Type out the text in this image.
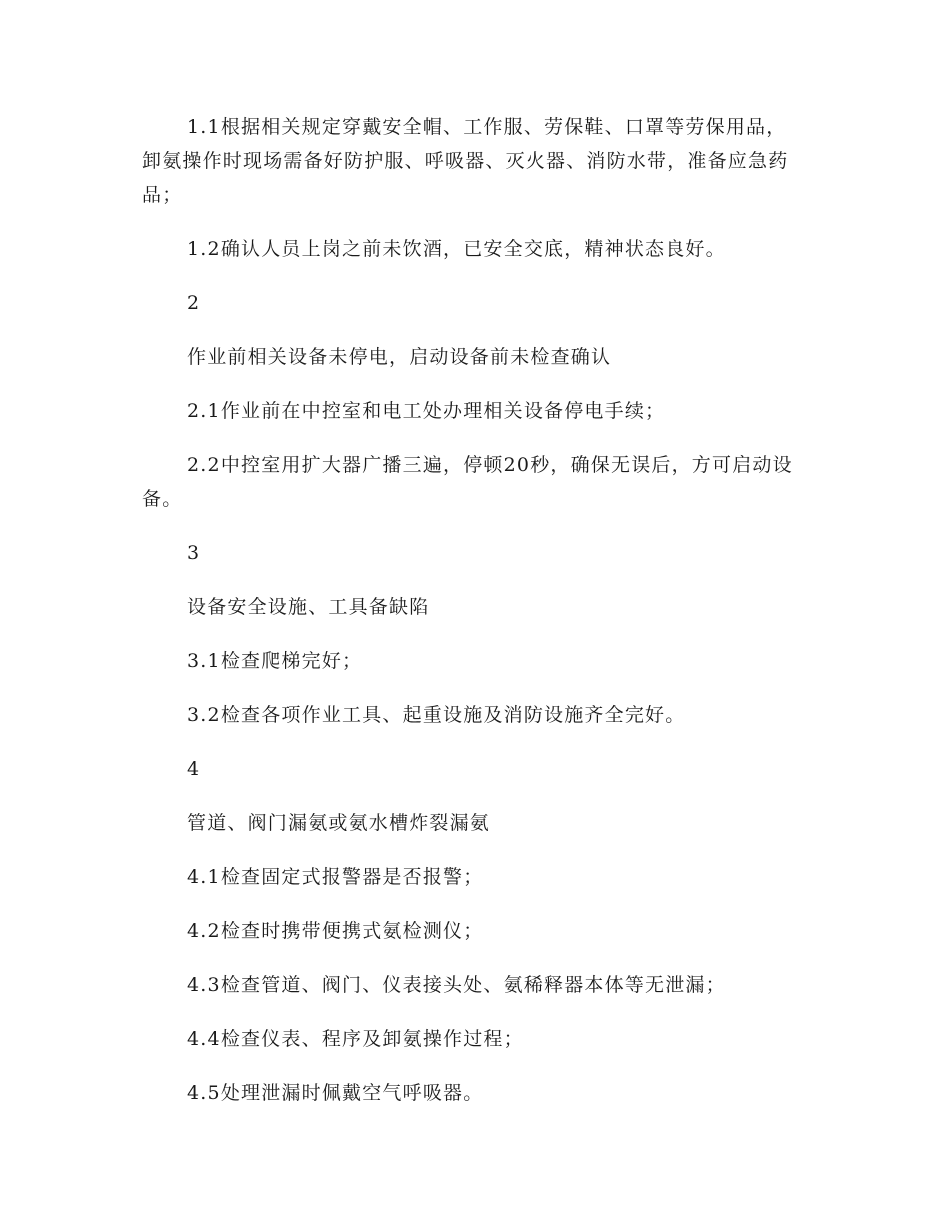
1.1根据相关规定穿戴安全帽、工作服、劳保鞋、口罩等劳保用品，卸氨操作时现场需备好防护服、呼吸器、灭火器、消防水带，准备应急药品；

1.2确认人员上岗之前未饮酒，已安全交底，精神状态良好。

2

作业前相关设备未停电，启动设备前未检查确认

2.1作业前在中控室和电工处办理相关设备停电手续；

2.2中控室用扩大器广播三遍，停顿20秒，确保无误后，方可启动设备。

3

设备安全设施、工具备缺陷

3.1检查爬梯完好；

3.2检查各项作业工具、起重设施及消防设施齐全完好。

4

管道、阀门漏氨或氨水槽炸裂漏氨

4.1检查固定式报警器是否报警；

4.2检查时携带便携式氨检测仪；

4.3检查管道、阀门、仪表接头处、氨稀释器本体等无泄漏；

4.4检查仪表、程序及卸氨操作过程；

4.5处理泄漏时佩戴空气呼吸器。
